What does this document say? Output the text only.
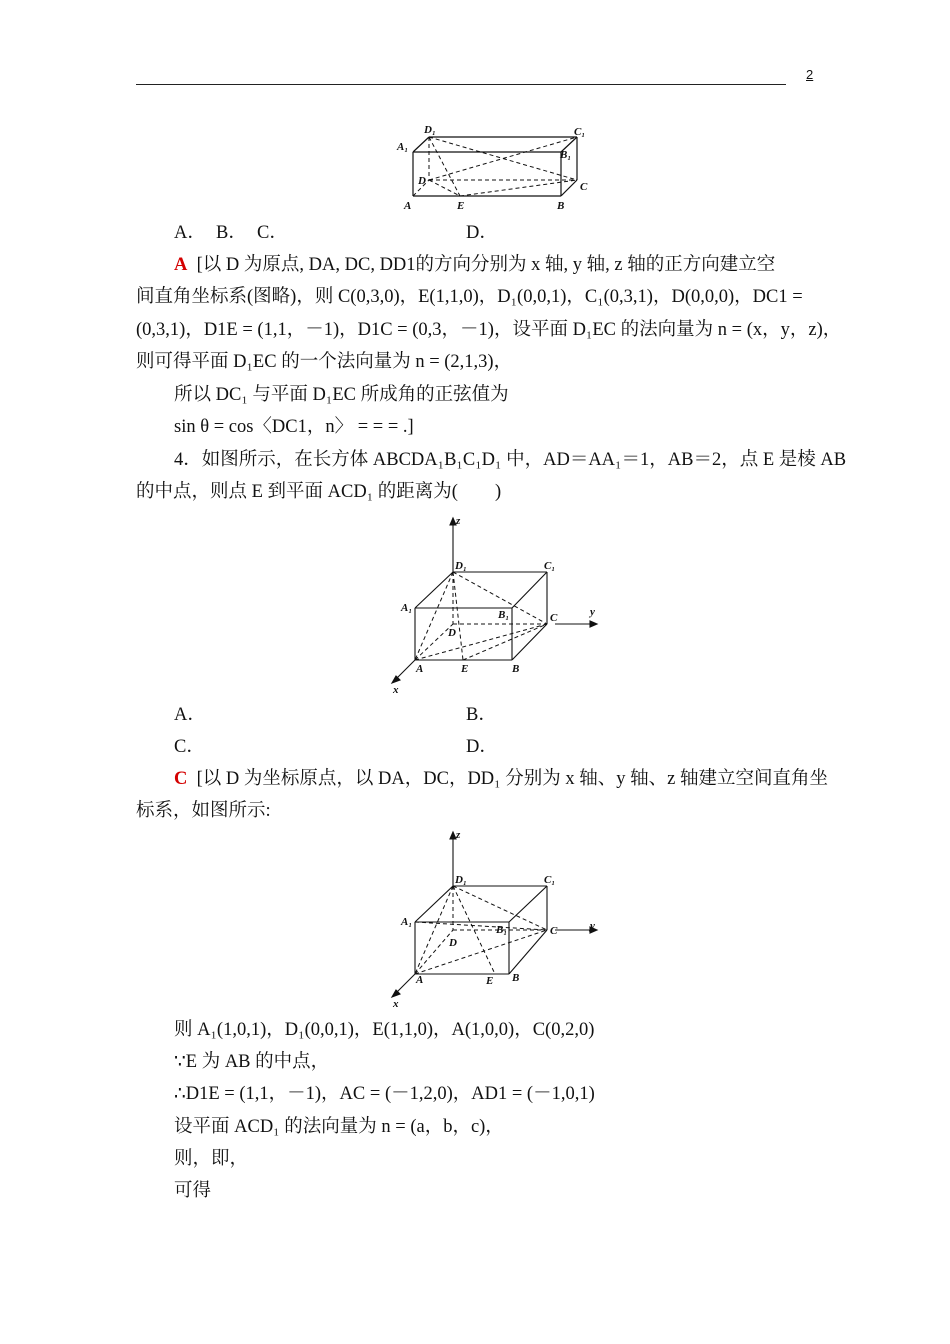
2
A₁
D₁	C₁
B₁
D	C
A	E	B
A． B． C．	D．
A [以 D 为原点, DA, DC, DD1的方向分别为 x 轴, y 轴, z 轴的正方向建立空
间直角坐标系(图略)，则 C(0,3,0)，E(1,1,0)，D₁(0,0,1)，C₁(0,3,1)，D(0,0,0)，DC1 =
(0,3,1)，D1E = (1,1，－1)，D1C = (0,3，－1)，设平面 D₁EC 的法向量为 n = (x，y，z)，
则可得平面 D₁EC 的一个法向量为 n = (2,1,3)，
所以 DC₁ 与平面 D₁EC 所成角的正弦值为
sin θ = cos〈DC1，n〉 = = = .]
4．如图所示，在长方体 ABCDA₁B₁C₁D₁ 中，AD＝AA₁＝1，AB＝2，点 E 是棱 AB
的中点，则点 E 到平面 ACD₁ 的距离为(　　)
z
D₁	C₁
A₁
B₁	y
C
D
A	E	B
x
A．	B．
C．	D．
C [以 D 为坐标原点，以 DA，DC，DD₁ 分别为 x 轴、y 轴、z 轴建立空间直角坐
标系，如图所示:
z
D₁	C₁
A₁
B₁	y
C
D
A	E B
x
则 A₁(1,0,1)，D₁(0,0,1)，E(1,1,0)，A(1,0,0)，C(0,2,0)
∵E 为 AB 的中点，
∴D1E = (1,1，－1)，AC = (－1,2,0)，AD1 = (－1,0,1)
设平面 ACD₁ 的法向量为 n = (a，b，c)，
则，即，
可得
